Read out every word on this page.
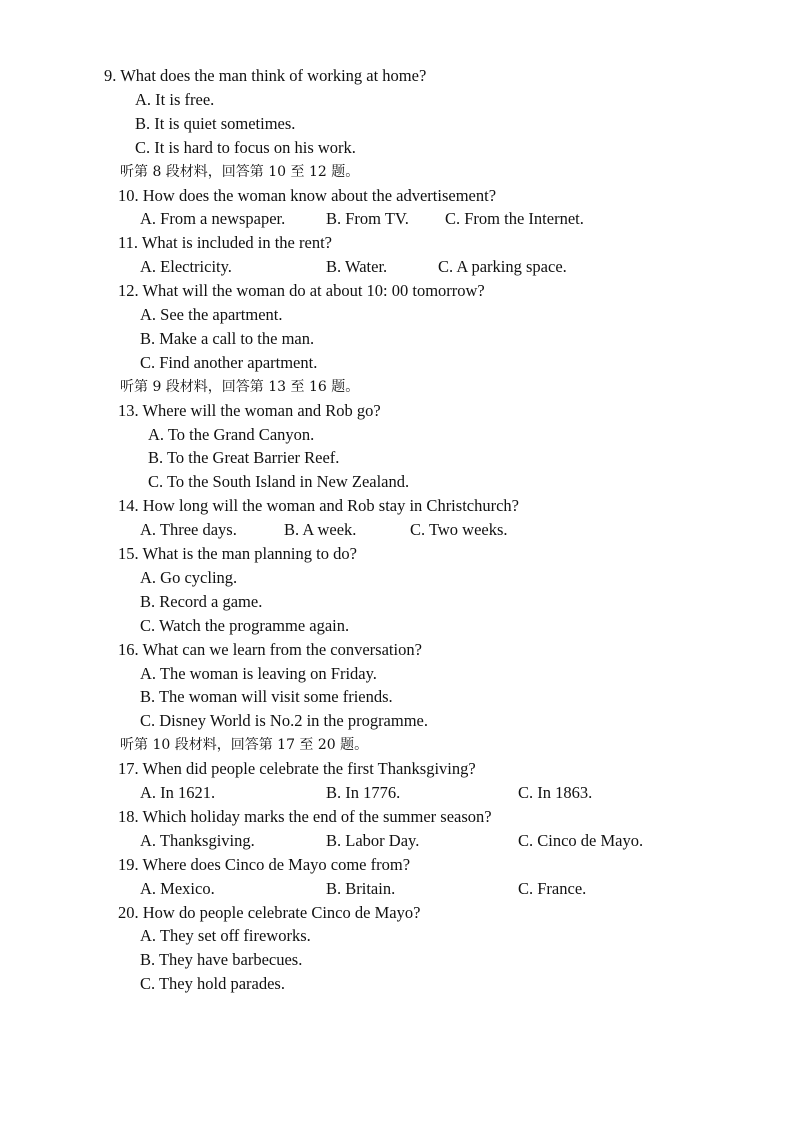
9. What does the man think of working at home?
A. It is free.
B. It is quiet sometimes.
C. It is hard to focus on his work.
听第 8 段材料，回答第 10 至 12 题。
10. How does the woman know about the advertisement?
A. From a newspaper. B. From TV. C. From the Internet.
11. What is included in the rent?
A. Electricity.	B. Water.	C. A parking space.
12. What will the woman do at about 10: 00 tomorrow?
A. See the apartment.
B. Make a call to the man.
C. Find another apartment.
听第 9 段材料，回答第 13 至 16 题。
13. Where will the woman and Rob go?
A. To the Grand Canyon.
B. To the Great Barrier Reef.
C. To the South Island in New Zealand.
14. How long will the woman and Rob stay in Christchurch?
A. Three days.	B. A week.	C. Two weeks.
15. What is the man planning to do?
A. Go cycling.
B. Record a game.
C. Watch the programme again.
16. What can we learn from the conversation?
A. The woman is leaving on Friday.
B. The woman will visit some friends.
C. Disney World is No.2 in the programme.
听第 10 段材料，回答第 17 至 20 题。
17. When did people celebrate the first Thanksgiving?
A. In 1621.	B. In 1776.	C. In 1863.
18. Which holiday marks the end of the summer season?
A. Thanksgiving.	B. Labor Day.	C. Cinco de Mayo.
19. Where does Cinco de Mayo come from?
A. Mexico.	B. Britain.	C. France.
20. How do people celebrate Cinco de Mayo?
A. They set off fireworks.
B. They have barbecues.
C. They hold parades.
